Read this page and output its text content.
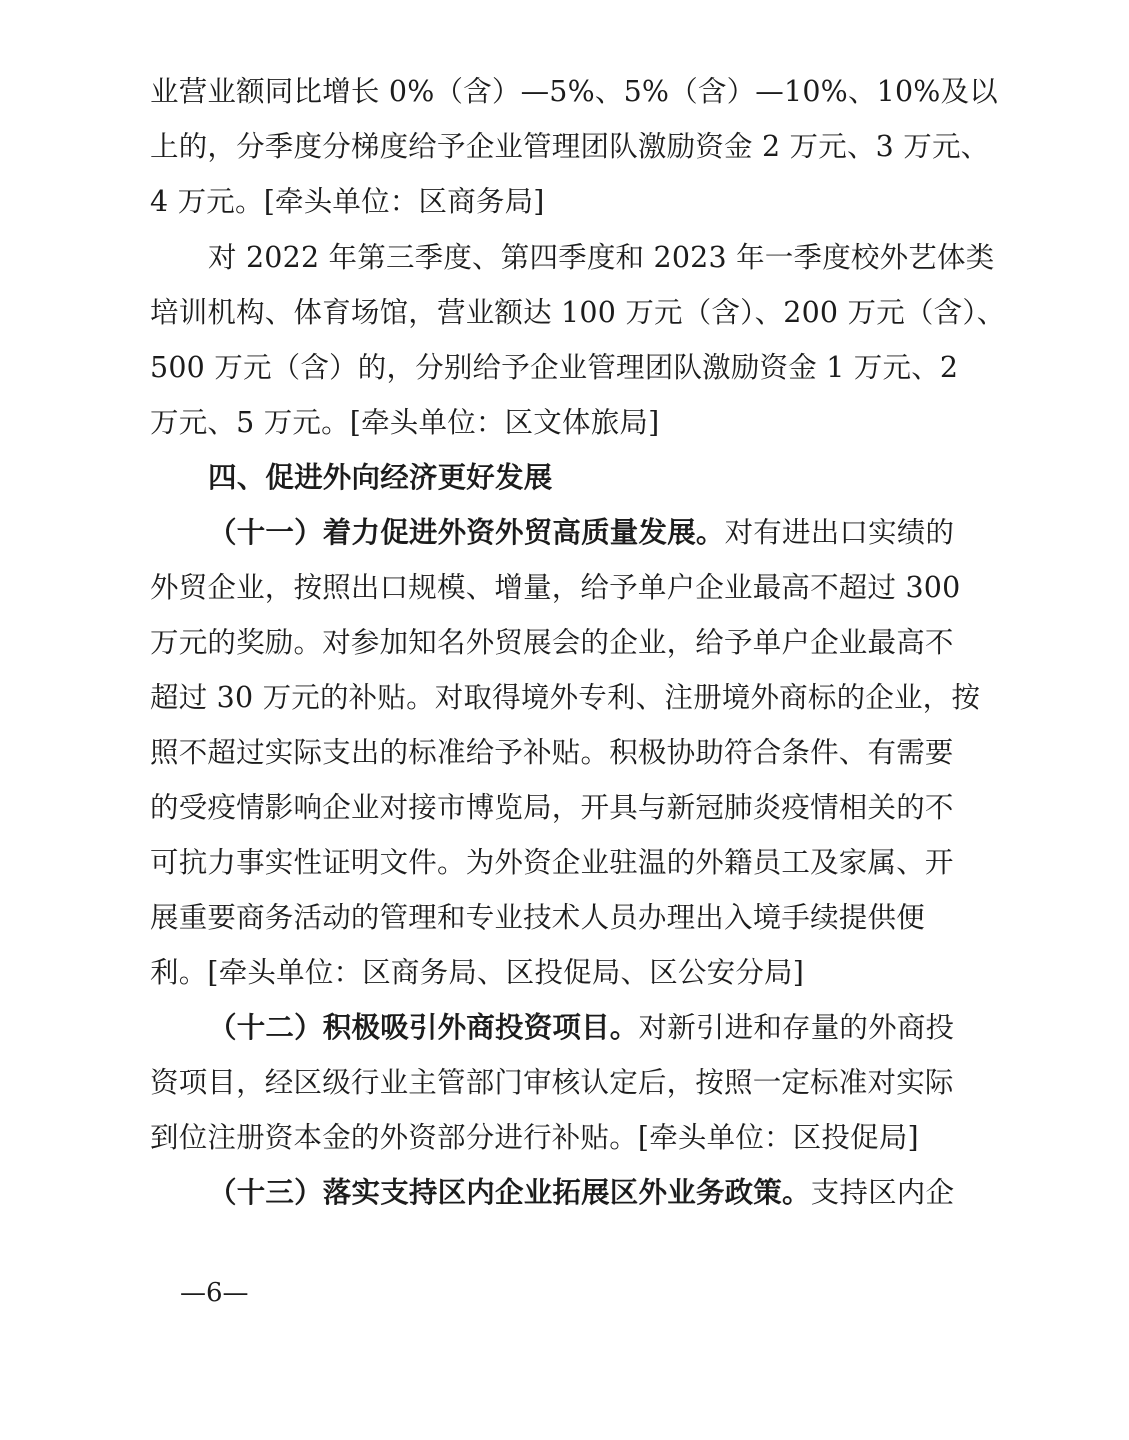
业营业额同比增长 0%（含）—5%、5%（含）—10%、10%及以
上的，分季度分梯度给予企业管理团队激励资金 2 万元、3 万元、
4 万元。[牵头单位：区商务局]
对 2022 年第三季度、第四季度和 2023 年一季度校外艺体类
培训机构、体育场馆，营业额达 100 万元（含）、200 万元（含）、
500 万元（含）的，分别给予企业管理团队激励资金 1 万元、2
万元、5 万元。[牵头单位：区文体旅局]
四、促进外向经济更好发展
（十一）着力促进外资外贸高质量发展。对有进出口实绩的
外贸企业，按照出口规模、增量，给予单户企业最高不超过 300
万元的奖励。对参加知名外贸展会的企业，给予单户企业最高不
超过 30 万元的补贴。对取得境外专利、注册境外商标的企业，按
照不超过实际支出的标准给予补贴。积极协助符合条件、有需要
的受疫情影响企业对接市博览局，开具与新冠肺炎疫情相关的不
可抗力事实性证明文件。为外资企业驻温的外籍员工及家属、开
展重要商务活动的管理和专业技术人员办理出入境手续提供便
利。[牵头单位：区商务局、区投促局、区公安分局]
（十二）积极吸引外商投资项目。对新引进和存量的外商投
资项目，经区级行业主管部门审核认定后，按照一定标准对实际
到位注册资本金的外资部分进行补贴。[牵头单位：区投促局]
（十三）落实支持区内企业拓展区外业务政策。支持区内企
—6—
